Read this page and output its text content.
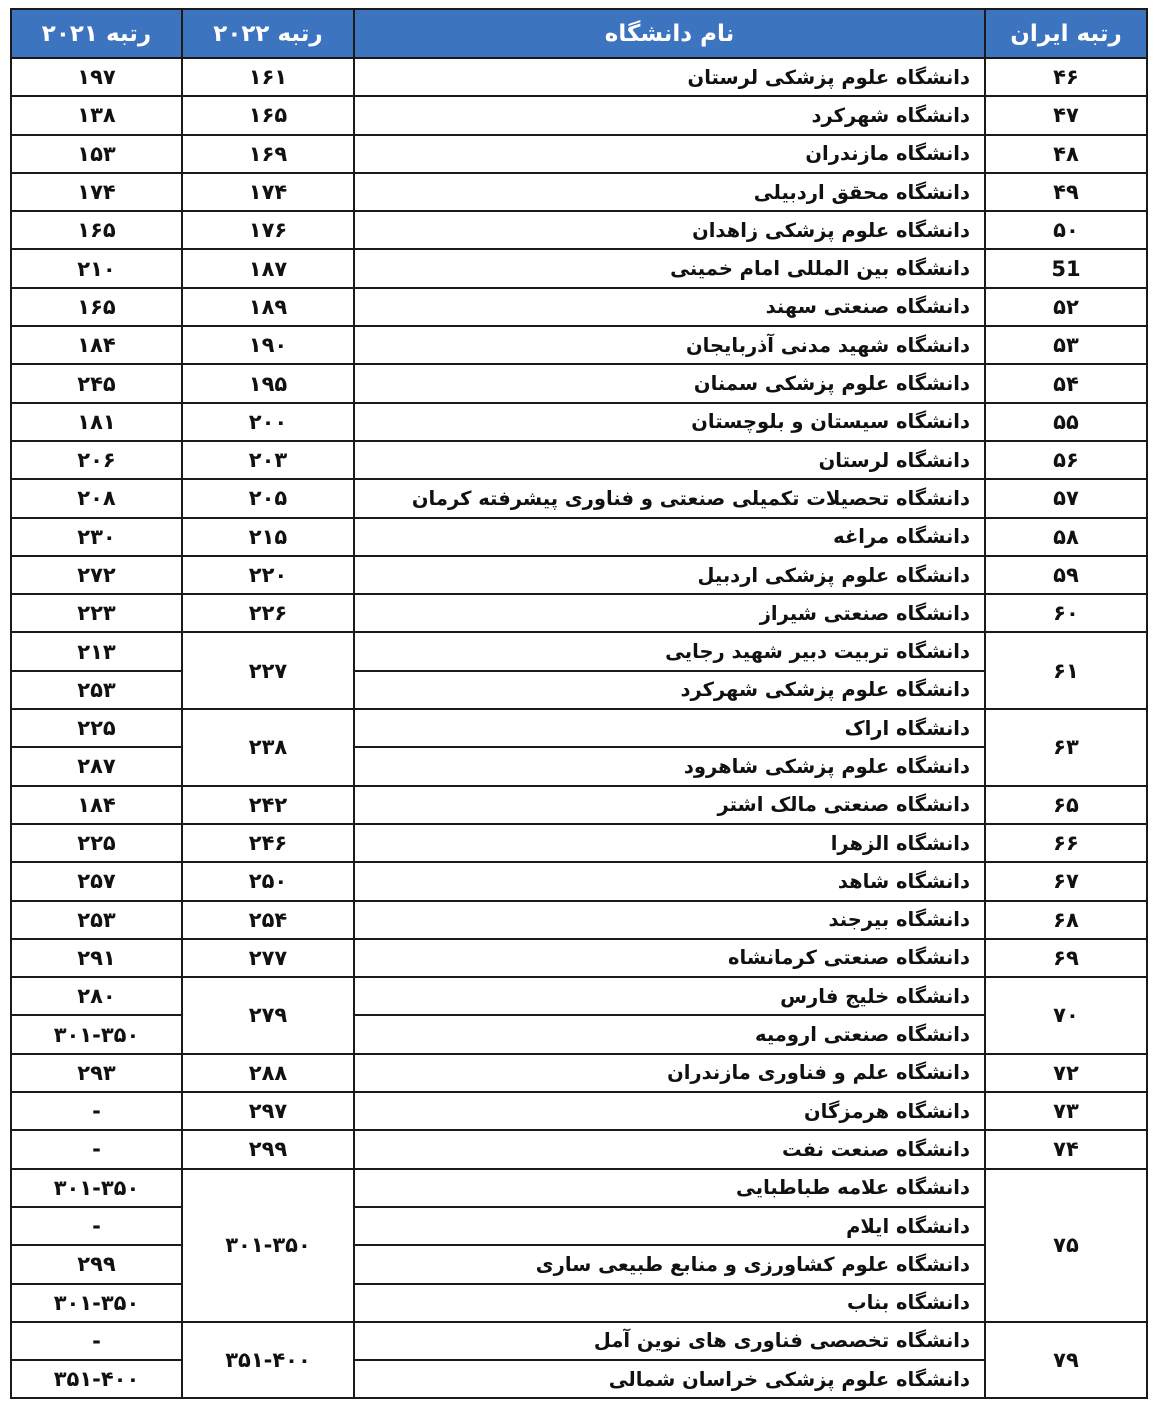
رتبه ایران	نام دانشگاه	رتبه ۲۰۲۲	رتبه ۲۰۲۱
۴۶	دانشگاه علوم پزشکی لرستان	۱۶۱	۱۹۷
۴۷	دانشگاه شهرکرد	۱۶۵	۱۳۸
۴۸	دانشگاه مازندران	۱۶۹	۱۵۳
۴۹	دانشگاه محقق اردبیلی	۱۷۴	۱۷۴
۵۰	دانشگاه علوم پزشکی زاهدان	۱۷۶	۱۶۵
51	دانشگاه بین المللی امام خمینی	۱۸۷	۲۱۰
۵۲	دانشگاه صنعتی سهند	۱۸۹	۱۶۵
۵۳	دانشگاه شهید مدنی آذربایجان	۱۹۰	۱۸۴
۵۴	دانشگاه علوم پزشکی سمنان	۱۹۵	۲۴۵
۵۵	دانشگاه سیستان و بلوچستان	۲۰۰	۱۸۱
۵۶	دانشگاه لرستان	۲۰۳	۲۰۶
۵۷	دانشگاه تحصیلات تکمیلی صنعتی و فناوری پیشرفته کرمان	۲۰۵	۲۰۸
۵۸	دانشگاه مراغه	۲۱۵	۲۳۰
۵۹	دانشگاه علوم پزشکی اردبیل	۲۲۰	۲۷۲
۶۰	دانشگاه صنعتی شیراز	۲۲۶	۲۲۳
۶۱	دانشگاه تربیت دبیر شهید رجایی	۲۲۷	۲۱۳
	دانشگاه علوم پزشکی شهرکرد		۲۵۳
۶۳	دانشگاه اراک	۲۳۸	۲۲۵
	دانشگاه علوم پزشکی شاهرود		۲۸۷
۶۵	دانشگاه صنعتی مالک اشتر	۲۴۲	۱۸۴
۶۶	دانشگاه الزهرا	۲۴۶	۲۲۵
۶۷	دانشگاه شاهد	۲۵۰	۲۵۷
۶۸	دانشگاه بیرجند	۲۵۴	۲۵۳
۶۹	دانشگاه صنعتی کرمانشاه	۲۷۷	۲۹۱
۷۰	دانشگاه خلیج فارس	۲۷۹	۲۸۰
	دانشگاه صنعتی ارومیه		۳۰۱-۳۵۰
۷۲	دانشگاه علم و فناوری مازندران	۲۸۸	۲۹۳
۷۳	دانشگاه هرمزگان	۲۹۷	-
۷۴	دانشگاه صنعت نفت	۲۹۹	-
۷۵	دانشگاه علامه طباطبایی	۳۰۱-۳۵۰	۳۰۱-۳۵۰
	دانشگاه ایلام		-
	دانشگاه علوم کشاورزی و منابع طبیعی ساری		۲۹۹
	دانشگاه بناب		۳۰۱-۳۵۰
۷۹	دانشگاه تخصصی فناوری های نوین آمل	۳۵۱-۴۰۰	-
	دانشگاه علوم پزشکی خراسان شمالی		۳۵۱-۴۰۰
